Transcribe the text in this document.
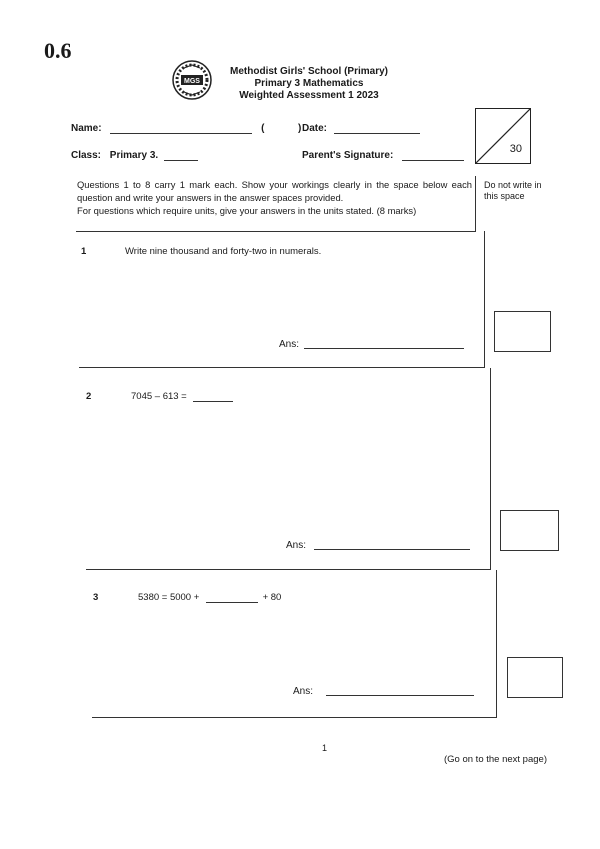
0.6
MGS
Methodist Girls' School (Primary)
Primary 3 Mathematics
Weighted Assessment 1 2023
Name:	(	) Date:
Class: Primary 3.	Parent's Signature:
30
Questions 1 to 8 carry 1 mark each. Show your workings clearly in the space below each question and write your answers in the answer spaces provided.
For questions which require units, give your answers in the units stated. (8 marks)
Do not write in this space
1	Write nine thousand and forty-two in numerals.
Ans:
2	7045 – 613 =
Ans:
3	5380 = 5000 +	+ 80
Ans:
1
(Go on to the next page)
